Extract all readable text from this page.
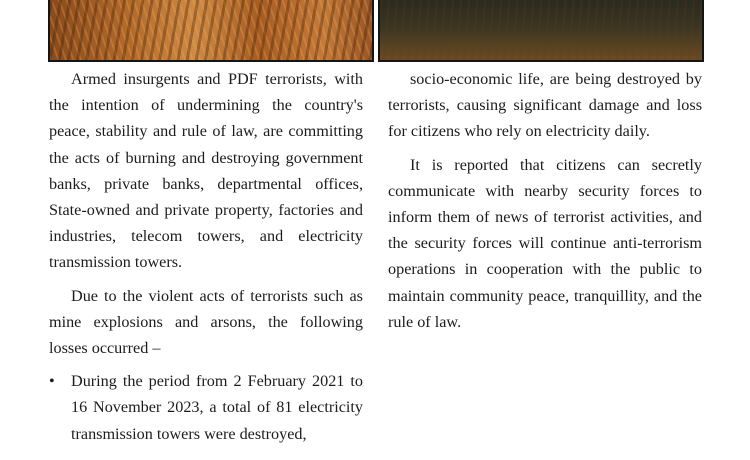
Armed insurgents and PDF terrorists, with the intention of undermining the country's peace, stability and rule of law, are committing the acts of burning and destroying government banks, private banks, departmental offices, State-owned and private property, factories and industries, telecom towers, and electricity transmission towers.

Due to the violent acts of terrorists such as mine explosions and arsons, the following losses occurred –

• During the period from 2 February 2021 to 16 November 2023, a total of 81 electricity transmission towers were destroyed,

socio-economic life, are being destroyed by terrorists, causing significant damage and loss for citizens who rely on electricity daily.

It is reported that citizens can secretly communicate with nearby security forces to inform them of news of terrorist activities, and the security forces will continue anti-terrorism operations in cooperation with the public to maintain community peace, tranquillity, and the rule of law.
